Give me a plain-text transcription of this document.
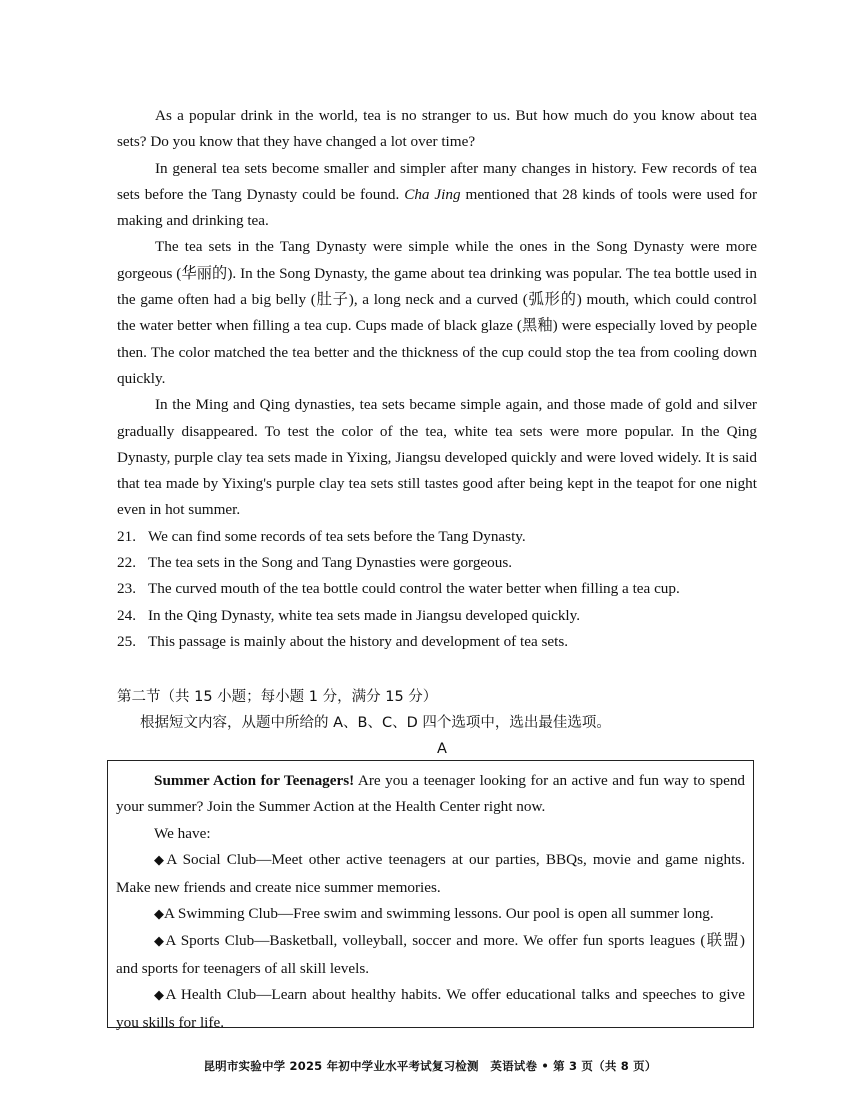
As a popular drink in the world, tea is no stranger to us. But how much do you know about tea sets? Do you know that they have changed a lot over time?

In general tea sets become smaller and simpler after many changes in history. Few records of tea sets before the Tang Dynasty could be found. Cha Jing mentioned that 28 kinds of tools were used for making and drinking tea.

The tea sets in the Tang Dynasty were simple while the ones in the Song Dynasty were more gorgeous (华丽的). In the Song Dynasty, the game about tea drinking was popular. The tea bottle used in the game often had a big belly (肚子), a long neck and a curved (弧形的) mouth, which could control the water better when filling a tea cup. Cups made of black glaze (黑釉) were especially loved by people then. The color matched the tea better and the thickness of the cup could stop the tea from cooling down quickly.

In the Ming and Qing dynasties, tea sets became simple again, and those made of gold and silver gradually disappeared. To test the color of the tea, white tea sets were more popular. In the Qing Dynasty, purple clay tea sets made in Yixing, Jiangsu developed quickly and were loved widely. It is said that tea made by Yixing's purple clay tea sets still tastes good after being kept in the teapot for one night even in hot summer.

21. We can find some records of tea sets before the Tang Dynasty.

22. The tea sets in the Song and Tang Dynasties were gorgeous.

23. The curved mouth of the tea bottle could control the water better when filling a tea cup.

24. In the Qing Dynasty, white tea sets made in Jiangsu developed quickly.

25. This passage is mainly about the history and development of tea sets.

第二节（共 15 小题；每小题 1 分，满分 15 分）

根据短文内容，从题中所给的 A、B、C、D 四个选项中，选出最佳选项。

A

Summer Action for Teenagers! Are you a teenager looking for an active and fun way to spend your summer? Join the Summer Action at the Health Center right now.

We have:

◆A Social Club—Meet other active teenagers at our parties, BBQs, movie and game nights. Make new friends and create nice summer memories.

◆A Swimming Club—Free swim and swimming lessons. Our pool is open all summer long.

◆A Sports Club—Basketball, volleyball, soccer and more. We offer fun sports leagues (联盟) and sports for teenagers of all skill levels.

◆A Health Club—Learn about healthy habits. We offer educational talks and speeches to give you skills for life.

昆明市实验中学 2025 年初中学业水平考试复习检测　英语试卷 • 第 3 页（共 8 页）
